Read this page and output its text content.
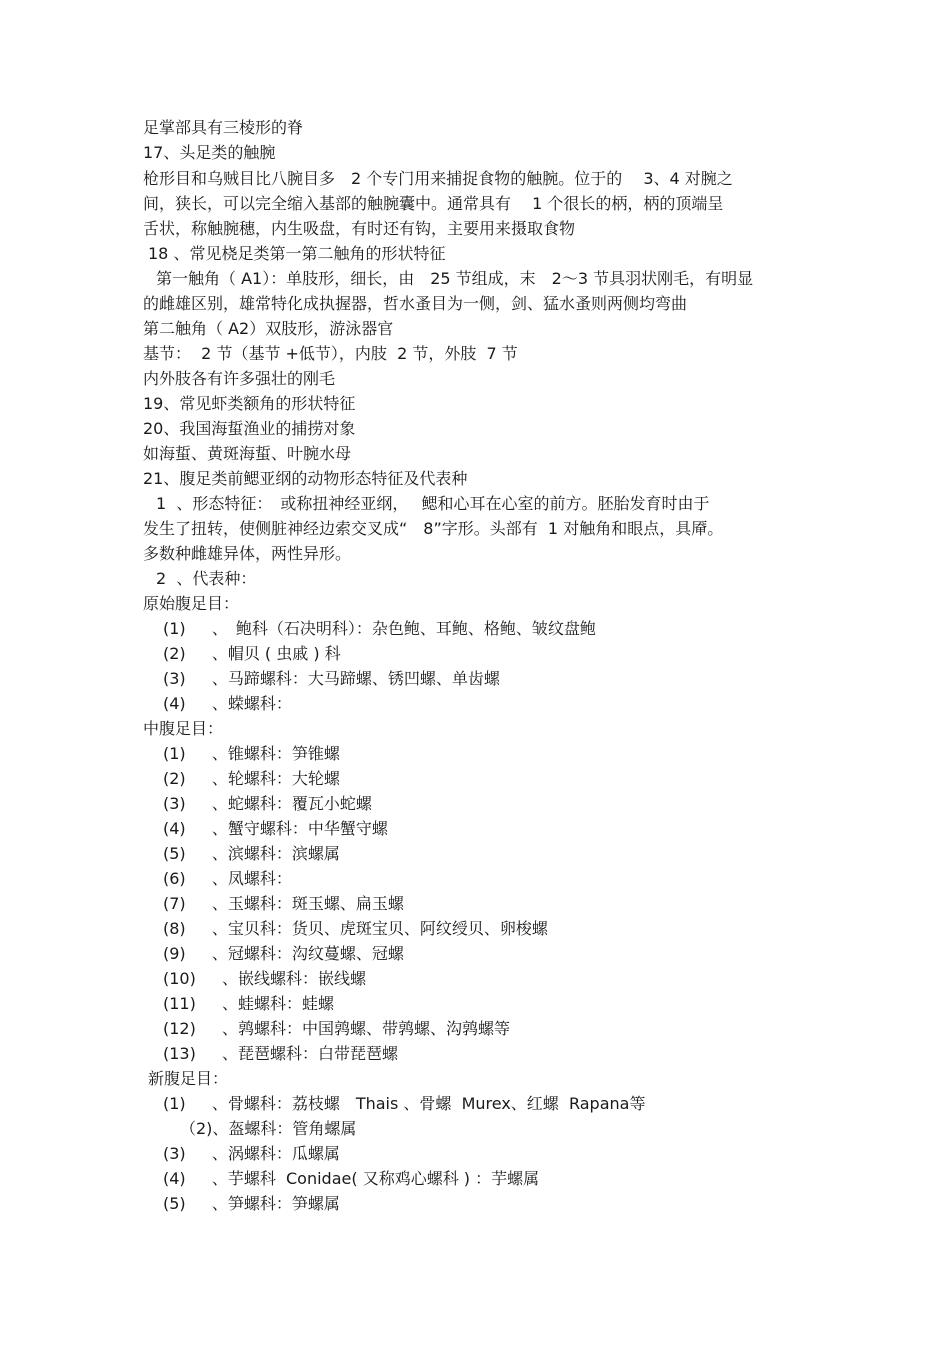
足掌部具有三棱形的脊
17、头足类的触腕
枪形目和乌贼目比八腕目多　2 个专门用来捕捉食物的触腕。位于的　 3、4 对腕之
间，狭长，可以完全缩入基部的触腕囊中。通常具有　 1 个很长的柄，柄的顶端呈
舌状，称触腕穗，内生吸盘，有时还有钩，主要用来摄取食物
18 、常见桡足类第一第二触角的形状特征
第一触角（ A1）：单肢形，细长，由　25 节组成，末　2～3 节具羽状刚毛，有明显
的雌雄区别，雄常特化成执握器，哲水蚤目为一侧，剑、猛水蚤则两侧均弯曲
第二触角（ A2）双肢形，游泳器官
基节：  2 节（基节 +低节），内肢  2 节，外肢  7 节
内外肢各有许多强壮的刚毛
19、常见虾类额角的形状特征
20、我国海蜇渔业的捕捞对象
如海蜇、黄斑海蜇、叶腕水母
21、腹足类前鳃亚纲的动物形态特征及代表种
1  、形态特征：　或称扭神经亚纲，　 鳃和心耳在心室的前方。胚胎发育时由于
发生了扭转，使侧脏神经边索交叉成“　8”字形。头部有  1 对触角和眼点，具厣。
多数种雌雄异体，两性异形。
2  、代表种：
原始腹足目：
(1)　  、　鲍科（石决明科）：杂色鲍、耳鲍、格鲍、皱纹盘鲍
(2)　  、帽贝 ( 虫戚 ) 科
(3)　  、马蹄螺科：大马蹄螺、锈凹螺、单齿螺
(4)　  、蝾螺科：
中腹足目：
(1)　  、锥螺科：笋锥螺
(2)　  、轮螺科：大轮螺
(3)　  、蛇螺科：覆瓦小蛇螺
(4)　  、蟹守螺科：中华蟹守螺
(5)　  、滨螺科：滨螺属
(6)　  、凤螺科：
(7)　  、玉螺科：斑玉螺、扁玉螺
(8)　  、宝贝科：货贝、虎斑宝贝、阿纹绶贝、卵梭螺
(9)　  、冠螺科：沟纹蔓螺、冠螺
(10)　  、嵌线螺科：嵌线螺
(11)　  、蛙螺科：蛙螺
(12)　  、鹑螺科：中国鹑螺、带鹑螺、沟鹑螺等
(13)　  、琵琶螺科：白带琵琶螺
新腹足目：
(1)　  、骨螺科：荔枝螺　Thais 、骨螺  Murex、红螺  Rapana等
（2)、盔螺科：管角螺属
(3)　  、涡螺科：瓜螺属
(4)　  、芋螺科  Conidae( 又称鸡心螺科 ) ：芋螺属
(5)　  、笋螺科：笋螺属
